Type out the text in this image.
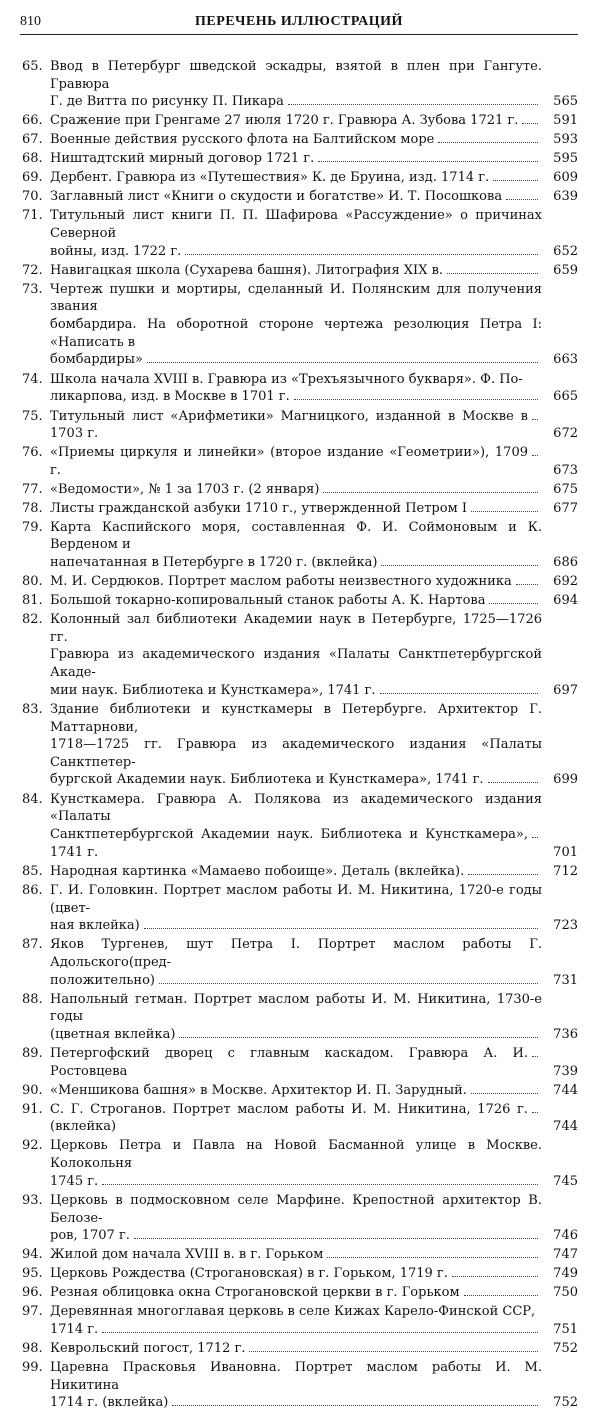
810	ПЕРЕЧЕНЬ ИЛЛЮСТРАЦИЙ
65. Ввод в Петербург шведской эскадры, взятой в плен при Гангуте. Гравюра
Г. де Витта по рисунку П. Пикара	565
66. Сражение при Гренгаме 27 июля 1720 г. Гравюра А. Зубова 1721 г.	591
67. Военные действия русского флота на Балтийском море	593
68. Ништадтский мирный договор 1721 г.	595
69. Дербент. Гравюра из «Путешествия» К. де Бруина, изд. 1714 г.	609
70. Заглавный лист «Книги о скудости и богатстве» И. Т. Посошкова	639
71. Титульный лист книги П. П. Шафирова «Рассуждение» о причинах Северной
войны, изд. 1722 г.	652
72. Навигацкая школа (Сухарева башня). Литография XIX в.	659
73. Чертеж пушки и мортиры, сделанный И. Полянским для получения звания
бомбардира. На оборотной стороне чертежа резолюция Петра I: «Написать в
бомбардиры»	663
74. Школа начала XVIII в. Гравюра из «Трехъязычного букваря». Ф. По-
ликарпова, изд. в Москве в 1701 г.	665
75. Титульный лист «Арифметики» Магницкого, изданной в Москве в 1703 г.	672
76. «Приемы циркуля и линейки» (второе издание «Геометрии»), 1709 г.	673
77. «Ведомости», № 1 за 1703 г. (2 января)	675
78. Листы гражданской азбуки 1710 г., утвержденной Петром I	677
79. Карта Каспийского моря, составленная Ф. И. Соймоновым и К. Верденом и
напечатанная в Петербурге в 1720 г. (вклейка)	686
80. М. И. Сердюков. Портрет маслом работы неизвестного художника	692
81. Большой токарно-копировальный станок работы А. К. Нартова	694
82. Колонный зал библиотеки Академии наук в Петербурге, 1725—1726 гг.
Гравюра из академического издания «Палаты Санктпетербургской Акаде-
мии наук. Библиотека и Кунсткамера», 1741 г.	697
83. Здание библиотеки и кунсткамеры в Петербурге. Архитектор Г. Маттарнови,
1718—1725 гг. Гравюра из академического издания «Палаты Санктпетер-
бургской Академии наук. Библиотека и Кунсткамера», 1741 г.	699
84. Кунсткамера. Гравюра А. Полякова из академического издания «Палаты
Санктпетербургской Академии наук. Библиотека и Кунсткамера», 1741 г.	701
85. Народная картинка «Мамаево побоище». Деталь (вклейка).	712
86. Г. И. Головкин. Портрет маслом работы И. М. Никитина, 1720-е годы (цвет-
ная вклейка)	723
87. Яков Тургенев, шут Петра I. Портрет маслом работы Г. Адольского(пред-
положительно)	731
88. Напольный гетман. Портрет маслом работы И. М. Никитина, 1730-е годы
(цветная вклейка)	736
89. Петергофский дворец с главным каскадом. Гравюра А. И. Ростовцева	739
90. «Меншикова башня» в Москве. Архитектор И. П. Зарудный.	744
91. С. Г. Строганов. Портрет маслом работы И. М. Никитина, 1726 г. (вклейка)	744
92. Церковь Петра и Павла на Новой Басманной улице в Москве. Колокольня
1745 г.	745
93. Церковь в подмосковном селе Марфине. Крепостной архитектор В. Белозе-
ров, 1707 г.	746
94. Жилой дом начала XVIII в. в г. Горьком	747
95. Церковь Рождества (Строгановская) в г. Горьком, 1719 г.	749
96. Резная облицовка окна Строгановской церкви в г. Горьком	750
97. Деревянная многоглавая церковь в селе Кижах Карело-Финской ССР,
1714 г.	751
98. Кеврольский погост, 1712 г.	752
99. Царевна Прасковья Ивановна. Портрет маслом работы И. М. Никитина
1714 г. (вклейка)	752
